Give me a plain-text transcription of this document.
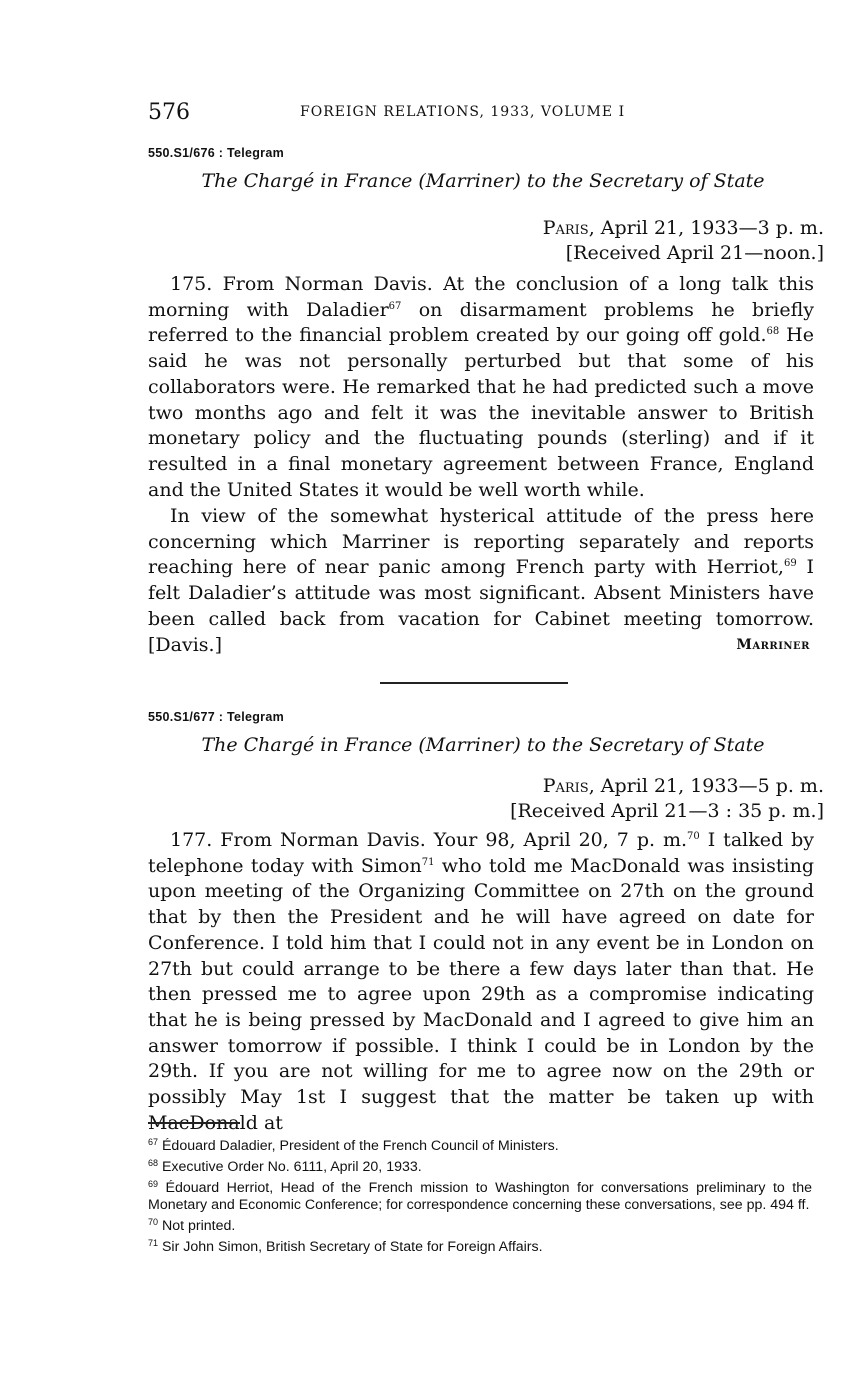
576	FOREIGN RELATIONS, 1933, VOLUME I
550.S1/676 : Telegram
The Chargé in France (Marriner) to the Secretary of State
Paris, April 21, 1933—3 p. m.
[Received April 21—noon.]

175. From Norman Davis. At the conclusion of a long talk this morning with Daladier$^{67}$ on disarmament problems he briefly referred to the financial problem created by our going off gold.$^{68}$ He said he was not personally perturbed but that some of his collaborators were. He remarked that he had predicted such a move two months ago and felt it was the inevitable answer to British monetary policy and the fluctuating pounds (sterling) and if it resulted in a final monetary agreement between France, England and the United States it would be well worth while.

In view of the somewhat hysterical attitude of the press here concerning which Marriner is reporting separately and reports reaching here of near panic among French party with Herriot,$^{69}$ I felt Daladier’s attitude was most significant. Absent Ministers have been called back from vacation for Cabinet meeting tomorrow. [Davis.]	Marriner
550.S1/677 : Telegram
The Chargé in France (Marriner) to the Secretary of State
Paris, April 21, 1933—5 p. m.
[Received April 21—3 : 35 p. m.]

177. From Norman Davis. Your 98, April 20, 7 p. m.$^{70}$ I talked by telephone today with Simon$^{71}$ who told me MacDonald was insisting upon meeting of the Organizing Committee on 27th on the ground that by then the President and he will have agreed on date for Conference. I told him that I could not in any event be in London on 27th but could arrange to be there a few days later than that. He then pressed me to agree upon 29th as a compromise indicating that he is being pressed by MacDonald and I agreed to give him an answer tomorrow if possible. I think I could be in London by the 29th. If you are not willing for me to agree now on the 29th or possibly May 1st I suggest that the matter be taken up with MacDonald at

$^{67}$ Édouard Daladier, President of the French Council of Ministers.

$^{68}$ Executive Order No. 6111, April 20, 1933.

$^{69}$ Édouard Herriot, Head of the French mission to Washington for conversations preliminary to the Monetary and Economic Conference; for correspondence concerning these conversations, see pp. 494 ff.

$^{70}$ Not printed.

$^{71}$ Sir John Simon, British Secretary of State for Foreign Affairs.
